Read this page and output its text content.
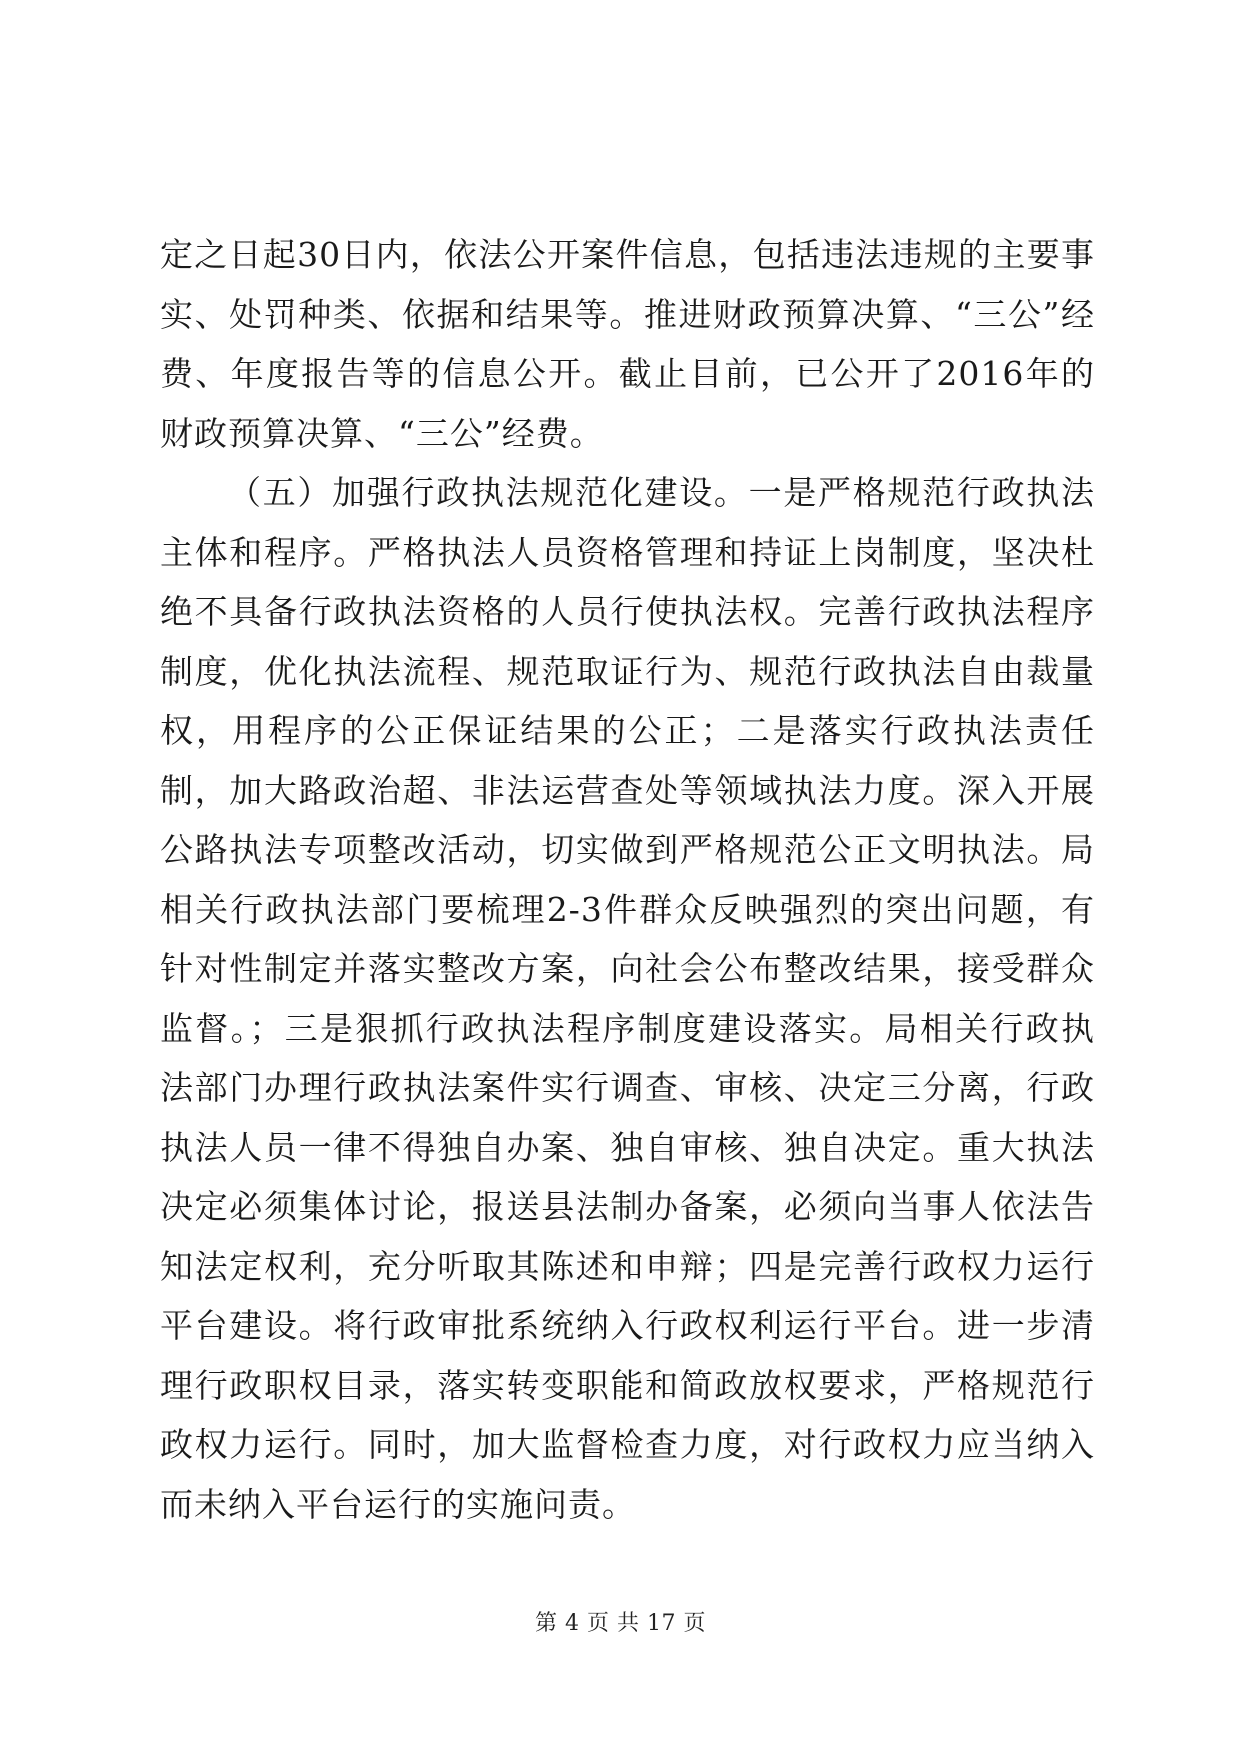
定之日起30日内，依法公开案件信息，包括违法违规的主要事实、处罚种类、依据和结果等。推进财政预算决算、“三公”经费、年度报告等的信息公开。截止目前，已公开了2016年的财政预算决算、“三公”经费。

（五）加强行政执法规范化建设。一是严格规范行政执法主体和程序。严格执法人员资格管理和持证上岗制度，坚决杜绝不具备行政执法资格的人员行使执法权。完善行政执法程序制度，优化执法流程、规范取证行为、规范行政执法自由裁量权，用程序的公正保证结果的公正；二是落实行政执法责任制，加大路政治超、非法运营查处等领域执法力度。深入开展公路执法专项整改活动，切实做到严格规范公正文明执法。局相关行政执法部门要梳理2-3件群众反映强烈的突出问题，有针对性制定并落实整改方案，向社会公布整改结果，接受群众监督。；三是狠抓行政执法程序制度建设落实。局相关行政执法部门办理行政执法案件实行调查、审核、决定三分离，行政执法人员一律不得独自办案、独自审核、独自决定。重大执法决定必须集体讨论，报送县法制办备案，必须向当事人依法告知法定权利，充分听取其陈述和申辩；四是完善行政权力运行平台建设。将行政审批系统纳入行政权利运行平台。进一步清理行政职权目录，落实转变职能和简政放权要求，严格规范行政权力运行。同时，加大监督检查力度，对行政权力应当纳入而未纳入平台运行的实施问责。

第 4 页 共 17 页
